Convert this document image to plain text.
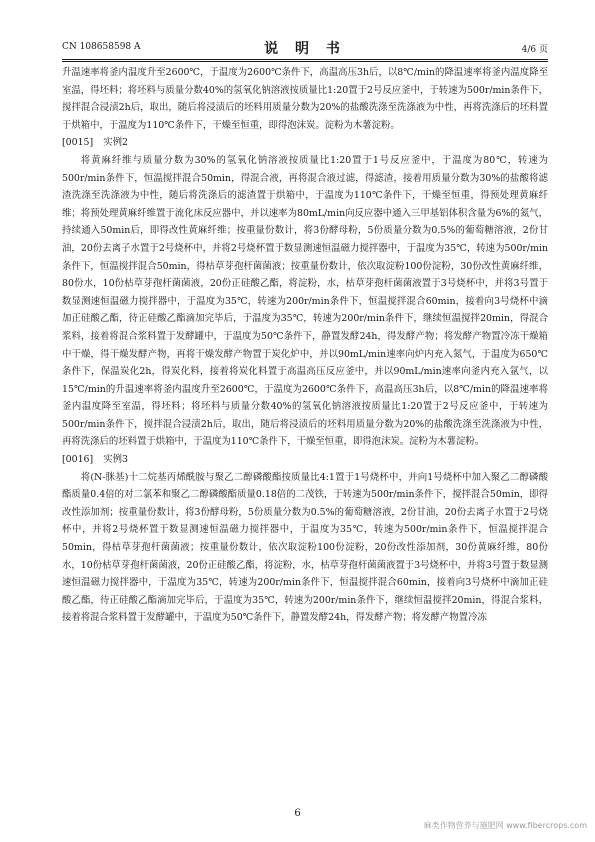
CN 108658598 A	说 明 书	4/6 页

升温速率将釜内温度升至2600℃，于温度为2600℃条件下，高温高压3h后，以8℃/min的降温速率将釜内温度降至室温，得坯料；将坯料与质量分数40%的氢氧化钠溶液按质量比1:20置于2号反应釜中，于转速为500r/min条件下，搅拌混合浸渍2h后，取出，随后将浸渍后的坯料用质量分数为20%的盐酸洗涤至洗涤液为中性，再将洗涤后的坯料置于烘箱中，于温度为110℃条件下，干燥至恒重，即得泡沫炭。淀粉为木薯淀粉。

[0015] 实例2

将黄麻纤维与质量分数为30%的氢氧化钠溶液按质量比1:20置于1号反应釜中，于温度为80℃，转速为500r/min条件下，恒温搅拌混合50min，得混合液，再将混合液过滤，得滤渣，接着用质量分数为30%的盐酸将滤渣洗涤至洗涤液为中性，随后将洗涤后的滤渣置于烘箱中，于温度为110℃条件下，干燥至恒重，得预处理黄麻纤维；将预处理黄麻纤维置于流化床反应器中，并以速率为80mL/min向反应器中通入三甲基铝体积含量为6%的氮气，持续通入50min后，即得改性黄麻纤维；按重量份数计，将3份酵母粉，5份质量分数为0.5%的葡萄糖溶液，2份甘油，20份去离子水置于2号烧杯中，并将2号烧杯置于数显测速恒温磁力搅拌器中，于温度为35℃，转速为500r/min条件下，恒温搅拌混合50min，得枯草芽孢杆菌菌液；按重量份数计，依次取淀粉100份淀粉，30份改性黄麻纤维，80份水，10份枯草芽孢杆菌菌液，20份正硅酸乙酯，将淀粉，水，枯草芽孢杆菌菌液置于3号烧杯中，并将3号置于数显测速恒温磁力搅拌器中，于温度为35℃，转速为200r/min条件下，恒温搅拌混合60min，接着向3号烧杯中滴加正硅酸乙酯，待正硅酸乙酯滴加完毕后，于温度为35℃，转速为200r/min条件下，继续恒温搅拌20min，得混合浆料，接着将混合浆料置于发酵罐中，于温度为50℃条件下，静置发酵24h，得发酵产物；将发酵产物置冷冻干燥箱中干燥，得干燥发酵产物，再将干燥发酵产物置于炭化炉中，并以90mL/min速率向炉内充入氮气，于温度为650℃条件下，保温炭化2h，得炭化料，接着将炭化料置于高温高压反应釜中，并以90mL/min速率向釜内充入氩气，以15℃/min的升温速率将釜内温度升至2600℃，于温度为2600℃条件下，高温高压3h后，以8℃/min的降温速率将釜内温度降至室温，得坯料；将坯料与质量分数40%的氢氧化钠溶液按质量比1:20置于2号反应釜中，于转速为500r/min条件下，搅拌混合浸渍2h后，取出，随后将浸渍后的坯料用质量分数为20%的盐酸洗涤至洗涤液为中性，再将洗涤后的坯料置于烘箱中，于温度为110℃条件下，干燥至恒重，即得泡沫炭。淀粉为木薯淀粉。

[0016] 实例3

将(N-脒基)十二烷基丙烯酰胺与聚乙二醇磷酸酯按质量比4:1置于1号烧杯中，并向1号烧杯中加入聚乙二醇磷酸酯质量0.4倍的对二氯苯和聚乙二醇磷酸酯质量0.18倍的二茂铁，于转速为500r/min条件下，搅拌混合50min，即得改性添加剂；按重量份数计，将3份酵母粉，5份质量分数为0.5%的葡萄糖溶液，2份甘油，20份去离子水置于2号烧杯中，并将2号烧杯置于数显测速恒温磁力搅拌器中，于温度为35℃，转速为500r/min条件下，恒温搅拌混合50min，得枯草芽孢杆菌菌液；按重量份数计，依次取淀粉100份淀粉，20份改性添加剂，30份黄麻纤维，80份水，10份枯草芽孢杆菌菌液，20份正硅酸乙酯，将淀粉，水，枯草芽孢杆菌菌液置于3号烧杯中，并将3号置于数显测速恒温磁力搅拌器中，于温度为35℃，转速为200r/min条件下，恒温搅拌混合60min，接着向3号烧杯中滴加正硅酸乙酯，待正硅酸乙酯滴加完毕后，于温度为35℃，转速为200r/min条件下，继续恒温搅拌20min，得混合浆料，接着将混合浆料置于发酵罐中，于温度为50℃条件下，静置发酵24h，得发酵产物；将发酵产物置冷冻

6
麻类作物营养与施肥网 www.fibercrops.com
